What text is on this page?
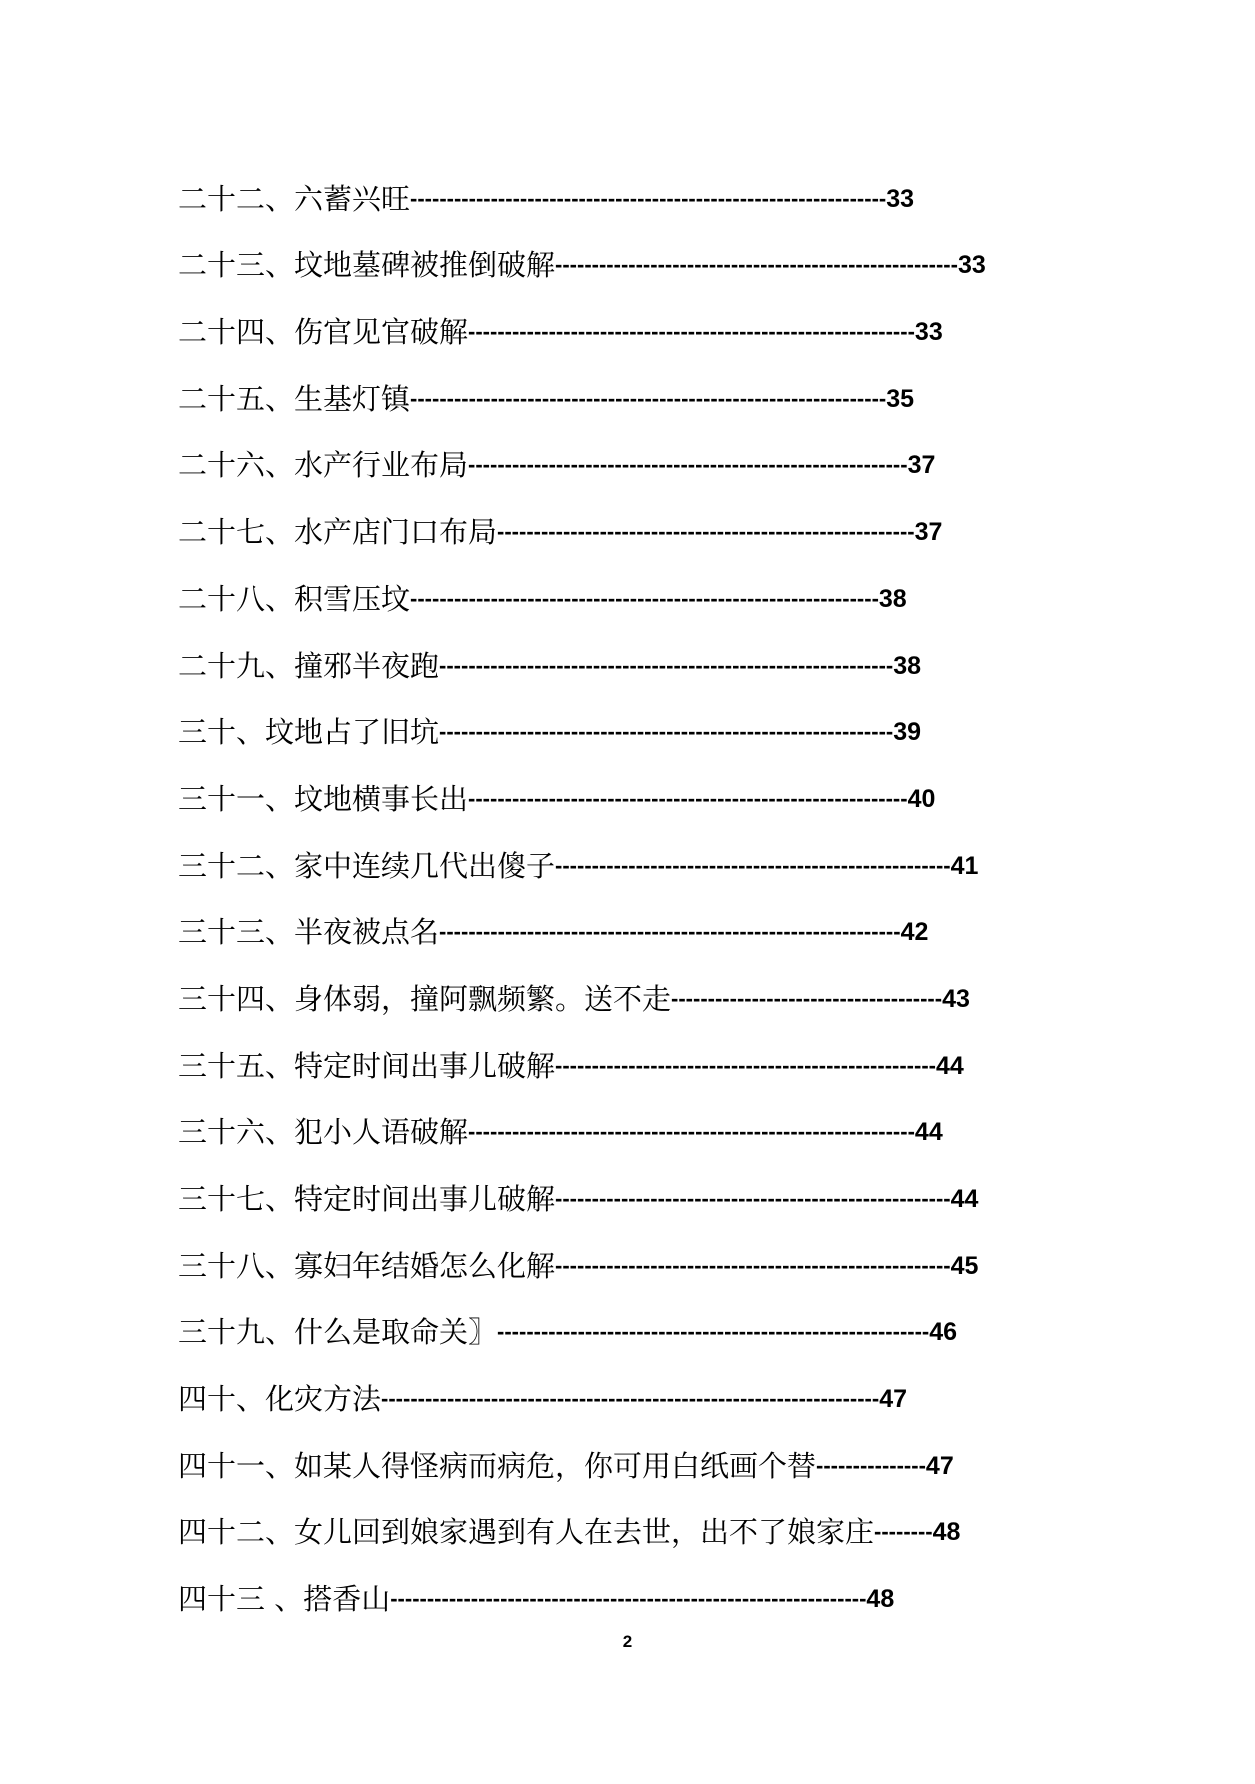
二十二、六蓄兴旺 ----------------------------------------------------------------- 33
二十三、坟地墓碑被推倒破解 ------------------------------------------------------- 33
二十四、伤官见官破解 ------------------------------------------------------------- 33
二十五、生基灯镇 ----------------------------------------------------------------- 35
二十六、水产行业布局 ------------------------------------------------------------ 37
二十七、水产店门口布局 --------------------------------------------------------- 37
二十八、积雪压坟 ---------------------------------------------------------------- 38
二十九、撞邪半夜跑 -------------------------------------------------------------- 38
三十、坟地占了旧坑 -------------------------------------------------------------- 39
三十一、坟地横事长出 ------------------------------------------------------------ 40
三十二、家中连续几代出傻子 ------------------------------------------------------ 41
三十三、半夜被点名 --------------------------------------------------------------- 42
三十四、身体弱，撞阿飘频繁。送不走 ------------------------------------- 43
三十五、特定时间出事儿破解 ---------------------------------------------------- 44
三十六、犯小人语破解 ------------------------------------------------------------- 44
三十七、特定时间出事儿破解 ------------------------------------------------------ 44
三十八、寡妇年结婚怎么化解 ------------------------------------------------------ 45
三十九、什么是取命关〗 ----------------------------------------------------------- 46
四十、化灾方法 -------------------------------------------------------------------- 47
四十一、如某人得怪病而病危，你可用白纸画个替 --------------- 47
四十二、女儿回到娘家遇到有人在去世，出不了娘家庄 -------- 48
四十三 、搭香山 ----------------------------------------------------------------- 48
2
